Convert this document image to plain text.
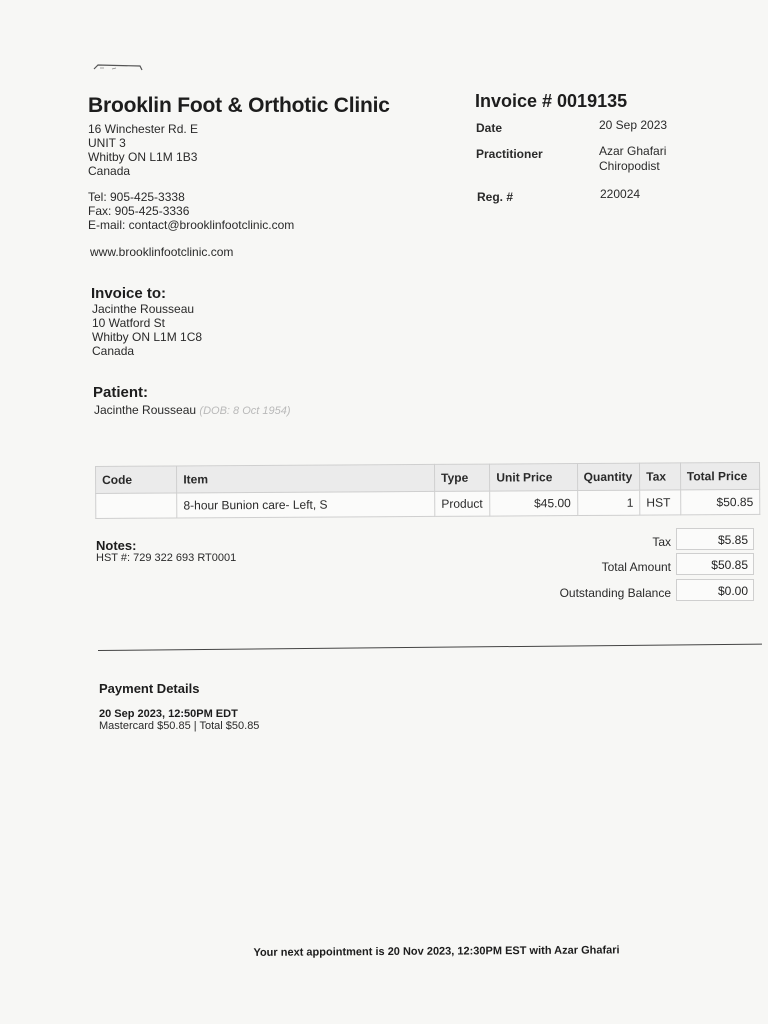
Brooklin Foot & Orthotic Clinic
16 Winchester Rd. E
UNIT 3
Whitby ON L1M 1B3
Canada
Tel: 905-425-3338
Fax: 905-425-3336
E-mail: contact@brooklinfootclinic.com
www.brooklinfootclinic.com
Invoice # 0019135
Date	20 Sep 2023
Practitioner	Azar Ghafari
Chiropodist
Reg. #	220024
Invoice to:
Jacinthe Rousseau
10 Watford St
Whitby ON L1M 1C8
Canada
Patient:
Jacinthe Rousseau (DOB: 8 Oct 1954)
Code	Item	Type	Unit Price	Quantity	Tax	Total Price
	8-hour Bunion care- Left, S	Product	$45.00	1	HST	$50.85
Notes:
HST #: 729 322 693 RT0001
Tax	$5.85
Total Amount	$50.85
Outstanding Balance	$0.00
Payment Details
20 Sep 2023, 12:50PM EDT
Mastercard $50.85 | Total $50.85
Your next appointment is 20 Nov 2023, 12:30PM EST with Azar Ghafari
